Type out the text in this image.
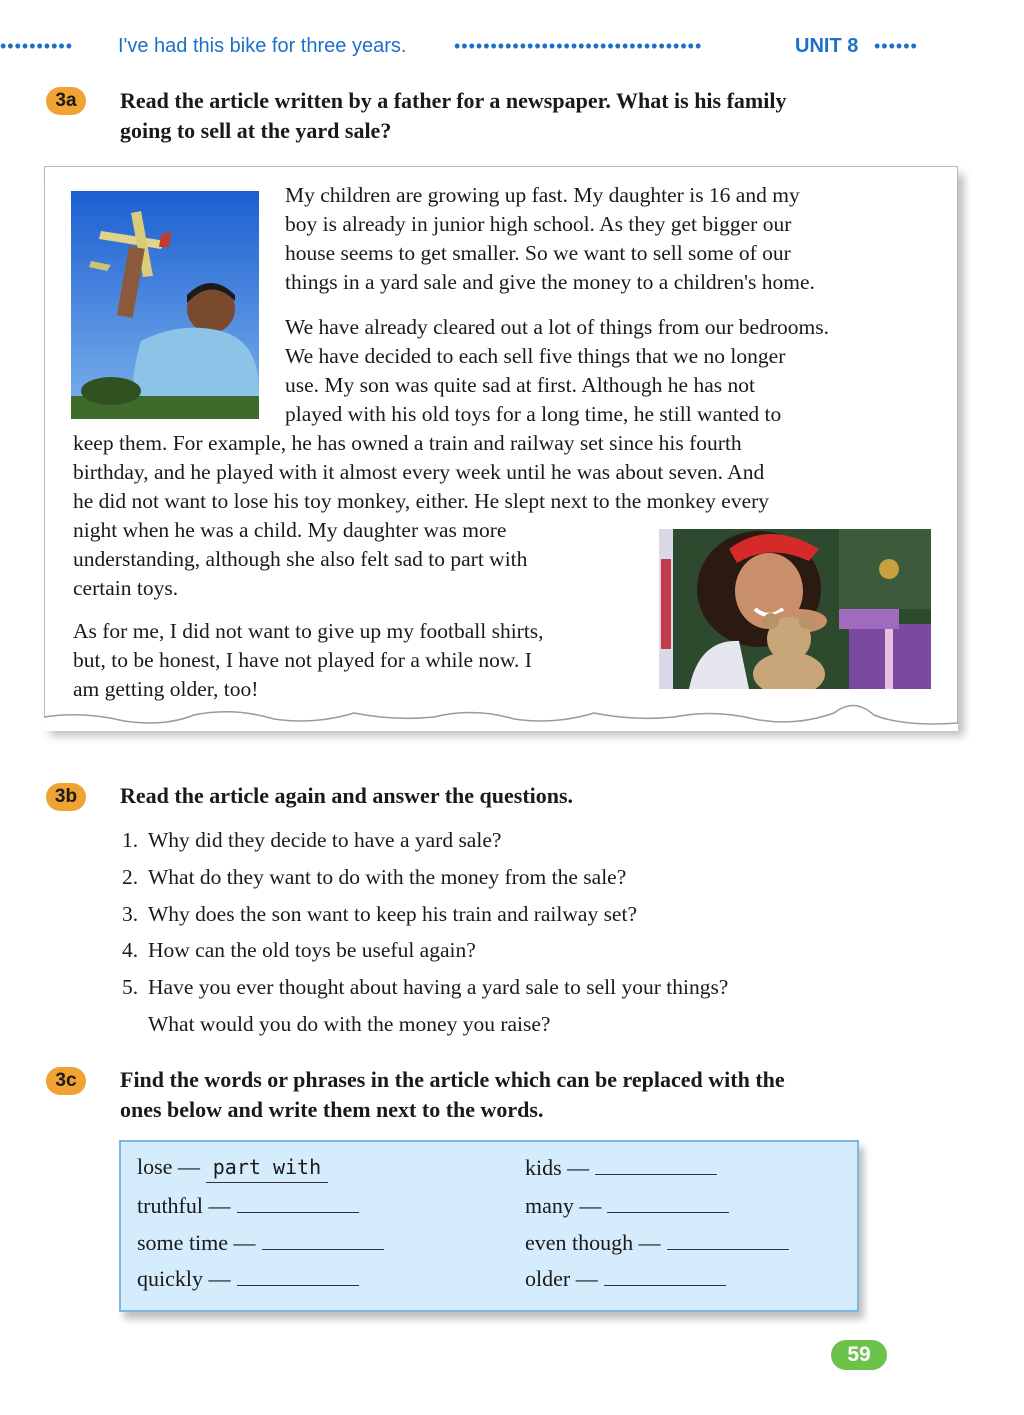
••••••••••	I've had this bike for three years.	••••••••••••••••••••••••••••••••••	UNIT 8 ••••••
3a	Read the article written by a father for a newspaper. What is his family
going to sell at the yard sale?
My children are growing up fast. My daughter is 16 and my
boy is already in junior high school. As they get bigger our
house seems to get smaller. So we want to sell some of our
things in a yard sale and give the money to a children's home.
We have already cleared out a lot of things from our bedrooms.
We have decided to each sell five things that we no longer
use. My son was quite sad at first. Although he has not
played with his old toys for a long time, he still wanted to
keep them. For example, he has owned a train and railway set since his fourth
birthday, and he played with it almost every week until he was about seven. And
he did not want to lose his toy monkey, either. He slept next to the monkey every
night when he was a child. My daughter was more
understanding, although she also felt sad to part with
certain toys.
As for me, I did not want to give up my football shirts,
but, to be honest, I have not played for a while now. I
am getting older, too!
3b	Read the article again and answer the questions.
1. Why did they decide to have a yard sale?
2. What do they want to do with the money from the sale?
3. Why does the son want to keep his train and railway set?
4. How can the old toys be useful again?
5. Have you ever thought about having a yard sale to sell your things?
What would you do with the money you raise?
3c	Find the words or phrases in the article which can be replaced with the
ones below and write them next to the words.
lose — part with
truthful —
some time —
quickly —
kids —
many —
even though —
older —
59
